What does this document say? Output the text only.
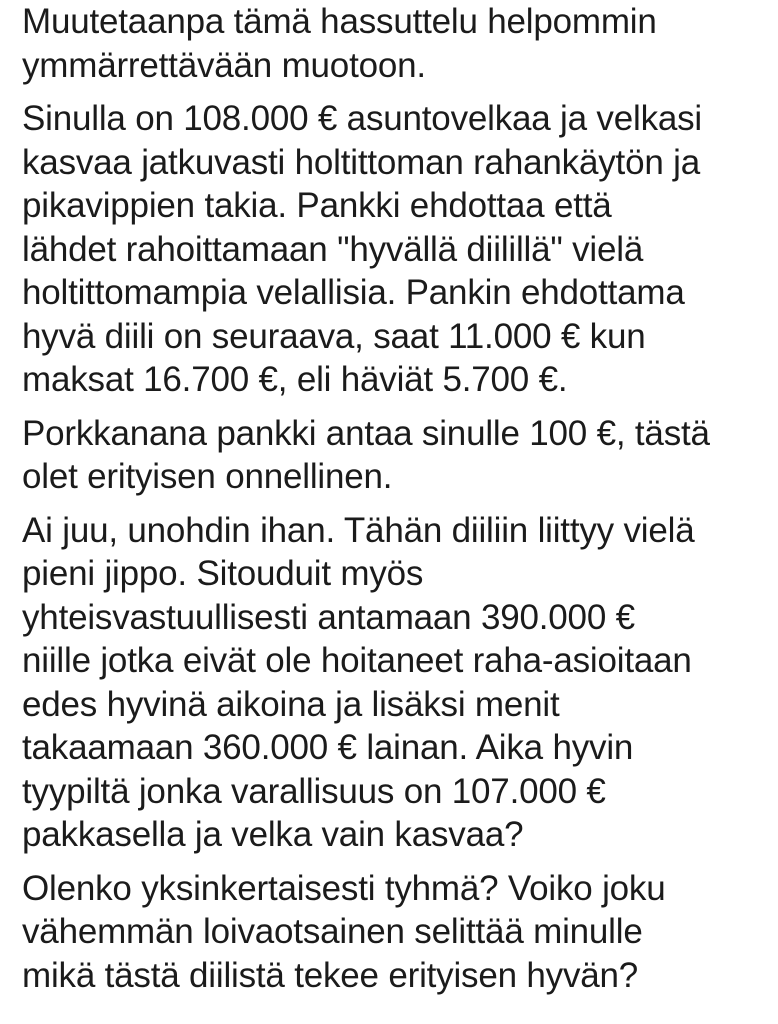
Muutetaanpa tämä hassuttelu helpommin
ymmärrettävään muotoon.
Sinulla on 108.000 € asuntovelkaa ja velkasi
kasvaa jatkuvasti holtittoman rahankäytön ja
pikavippien takia. Pankki ehdottaa että
lähdet rahoittamaan "hyvällä diilillä" vielä
holtittomampia velallisia. Pankin ehdottama
hyvä diili on seuraava, saat 11.000 € kun
maksat 16.700 €, eli häviät 5.700 €.
Porkkanana pankki antaa sinulle 100 €, tästä
olet erityisen onnellinen.
Ai juu, unohdin ihan. Tähän diiliin liittyy vielä
pieni jippo. Sitouduit myös
yhteisvastuullisesti antamaan 390.000 €
niille jotka eivät ole hoitaneet raha-asioitaan
edes hyvinä aikoina ja lisäksi menit
takaamaan 360.000 € lainan. Aika hyvin
tyypiltä jonka varallisuus on 107.000 €
pakkasella ja velka vain kasvaa?
Olenko yksinkertaisesti tyhmä? Voiko joku
vähemmän loivaotsainen selittää minulle
mikä tästä diilistä tekee erityisen hyvän?
